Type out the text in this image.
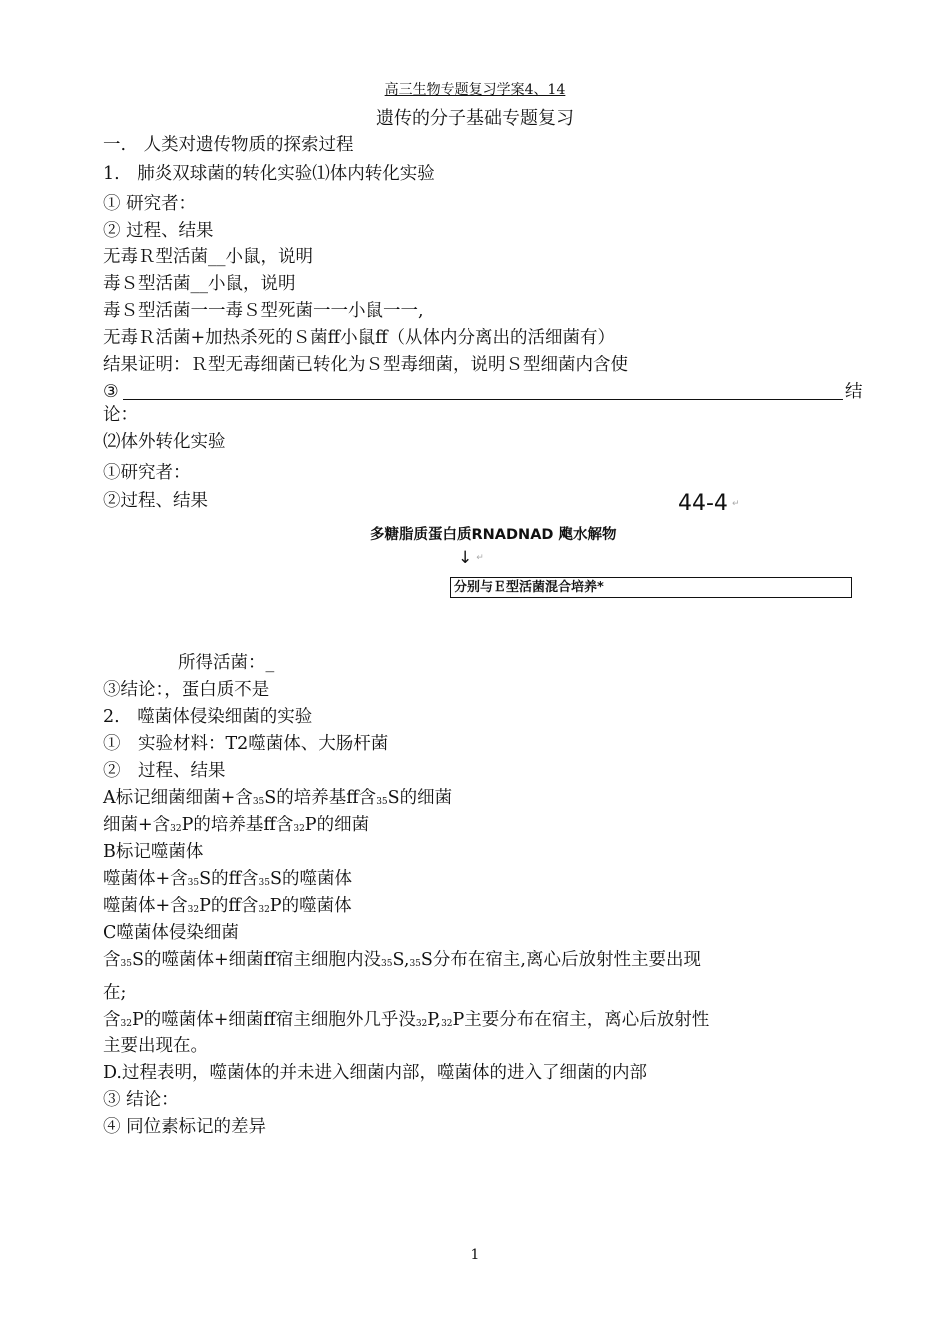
高三生物专题复习学案4、14
遗传的分子基础专题复习
一.　人类对遗传物质的探索过程
1.　肺炎双球菌的转化实验⑴体内转化实验
① 研究者：
② 过程、结果
无毒Ｒ型活菌__小鼠，说明
毒Ｓ型活菌__小鼠，说明
毒Ｓ型活菌一一毒Ｓ型死菌一一小鼠一一,
无毒Ｒ活菌+加热杀死的Ｓ菌ff小鼠ff（从体内分离出的活细菌有）
结果证明：Ｒ型无毒细菌已转化为Ｓ型毒细菌，说明Ｓ型细菌内含使
③	结
论：
⑵体外转化实验
①研究者：
②过程、结果	44-4 ↵
多糖脂质蛋白质RNADNAD 飑水解物
↓ ↵
分别与Ｅ型活菌混合培养*
所得活菌：_
③结论：，蛋白质不是
2.　噬菌体侵染细菌的实验
①　实验材料：T2噬菌体、大肠杆菌
②　过程、结果
A标记细菌细菌+含35S的培养基ff含35S的细菌
细菌+含32P的培养基ff含32P的细菌
B标记噬菌体
噬菌体+含35S的ff含35S的噬菌体
噬菌体+含32P的ff含32P的噬菌体
C噬菌体侵染细菌
含35S的噬菌体+细菌ff宿主细胞内没35S,35S分布在宿主,离心后放射性主要出现
在;
含32P的噬菌体+细菌ff宿主细胞外几乎没32P,32P主要分布在宿主，离心后放射性
主要出现在。
D.过程表明，噬菌体的并未进入细菌内部，噬菌体的进入了细菌的内部
③ 结论：
④ 同位素标记的差异
1
